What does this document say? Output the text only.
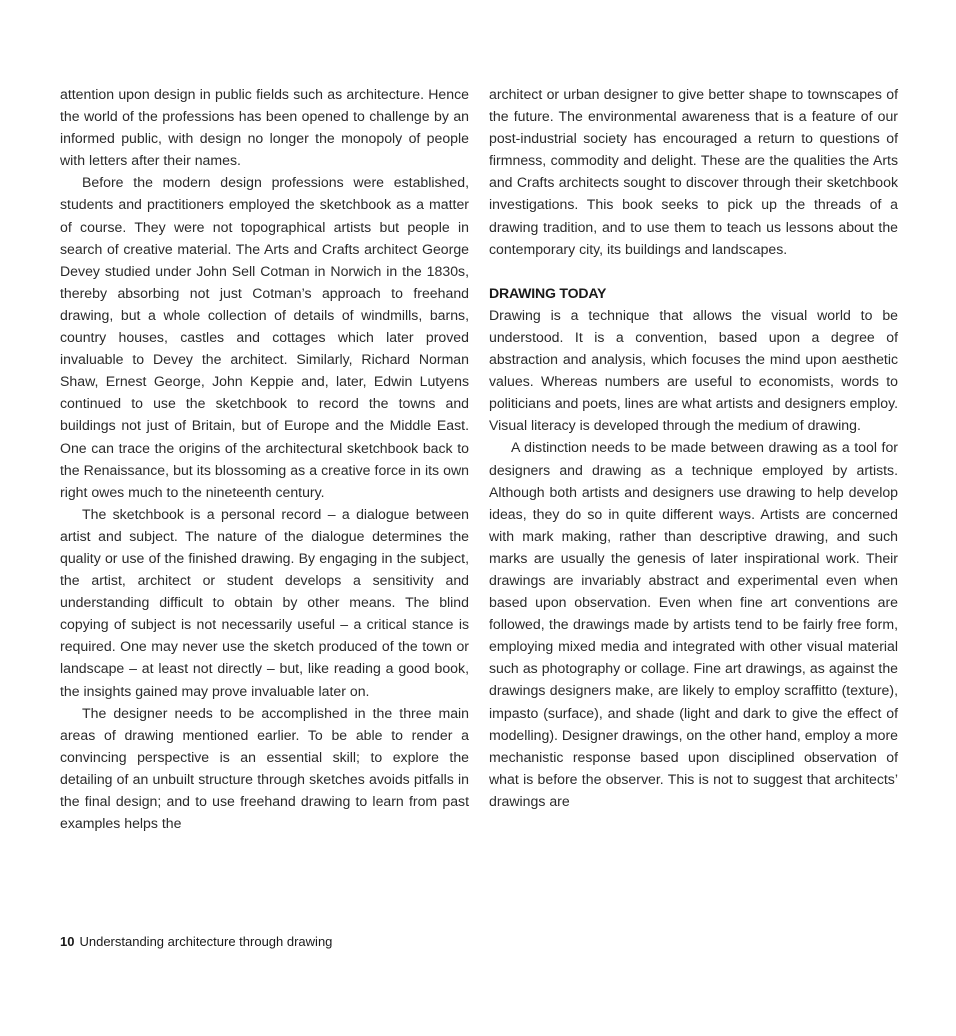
attention upon design in public fields such as architecture. Hence the world of the professions has been opened to challenge by an informed public, with design no longer the monopoly of people with letters after their names.

Before the modern design professions were established, students and practitioners employed the sketchbook as a matter of course. They were not topographical artists but people in search of creative material. The Arts and Crafts architect George Devey studied under John Sell Cotman in Norwich in the 1830s, thereby absorbing not just Cotman’s approach to freehand drawing, but a whole collection of details of windmills, barns, country houses, castles and cottages which later proved invaluable to Devey the architect. Similarly, Richard Norman Shaw, Ernest George, John Keppie and, later, Edwin Lutyens continued to use the sketchbook to record the towns and buildings not just of Britain, but of Europe and the Middle East. One can trace the origins of the architectural sketchbook back to the Renaissance, but its blossoming as a creative force in its own right owes much to the nineteenth century.

The sketchbook is a personal record – a dialogue between artist and subject. The nature of the dialogue determines the quality or use of the finished drawing. By engaging in the subject, the artist, architect or student develops a sensitivity and understanding difficult to obtain by other means. The blind copying of subject is not necessarily useful – a critical stance is required. One may never use the sketch produced of the town or landscape – at least not directly – but, like reading a good book, the insights gained may prove invaluable later on.

The designer needs to be accomplished in the three main areas of drawing mentioned earlier. To be able to render a convincing perspective is an essential skill; to explore the detailing of an unbuilt structure through sketches avoids pitfalls in the final design; and to use freehand drawing to learn from past examples helps the

architect or urban designer to give better shape to townscapes of the future. The environmental awareness that is a feature of our post-industrial society has encouraged a return to questions of firmness, commodity and delight. These are the qualities the Arts and Crafts architects sought to discover through their sketchbook investigations. This book seeks to pick up the threads of a drawing tradition, and to use them to teach us lessons about the contemporary city, its buildings and landscapes.

DRAWING TODAY

Drawing is a technique that allows the visual world to be understood. It is a convention, based upon a degree of abstraction and analysis, which focuses the mind upon aesthetic values. Whereas numbers are useful to economists, words to politicians and poets, lines are what artists and designers employ. Visual literacy is developed through the medium of drawing.

A distinction needs to be made between drawing as a tool for designers and drawing as a technique employed by artists. Although both artists and designers use drawing to help develop ideas, they do so in quite different ways. Artists are concerned with mark making, rather than descriptive drawing, and such marks are usually the genesis of later inspirational work. Their drawings are invariably abstract and experimental even when based upon observation. Even when fine art conventions are followed, the drawings made by artists tend to be fairly free form, employing mixed media and integrated with other visual material such as photography or collage. Fine art drawings, as against the drawings designers make, are likely to employ scraffitto (texture), impasto (surface), and shade (light and dark to give the effect of modelling). Designer drawings, on the other hand, employ a more mechanistic response based upon disciplined observation of what is before the observer. This is not to suggest that architects’ drawings are

10 Understanding architecture through drawing
